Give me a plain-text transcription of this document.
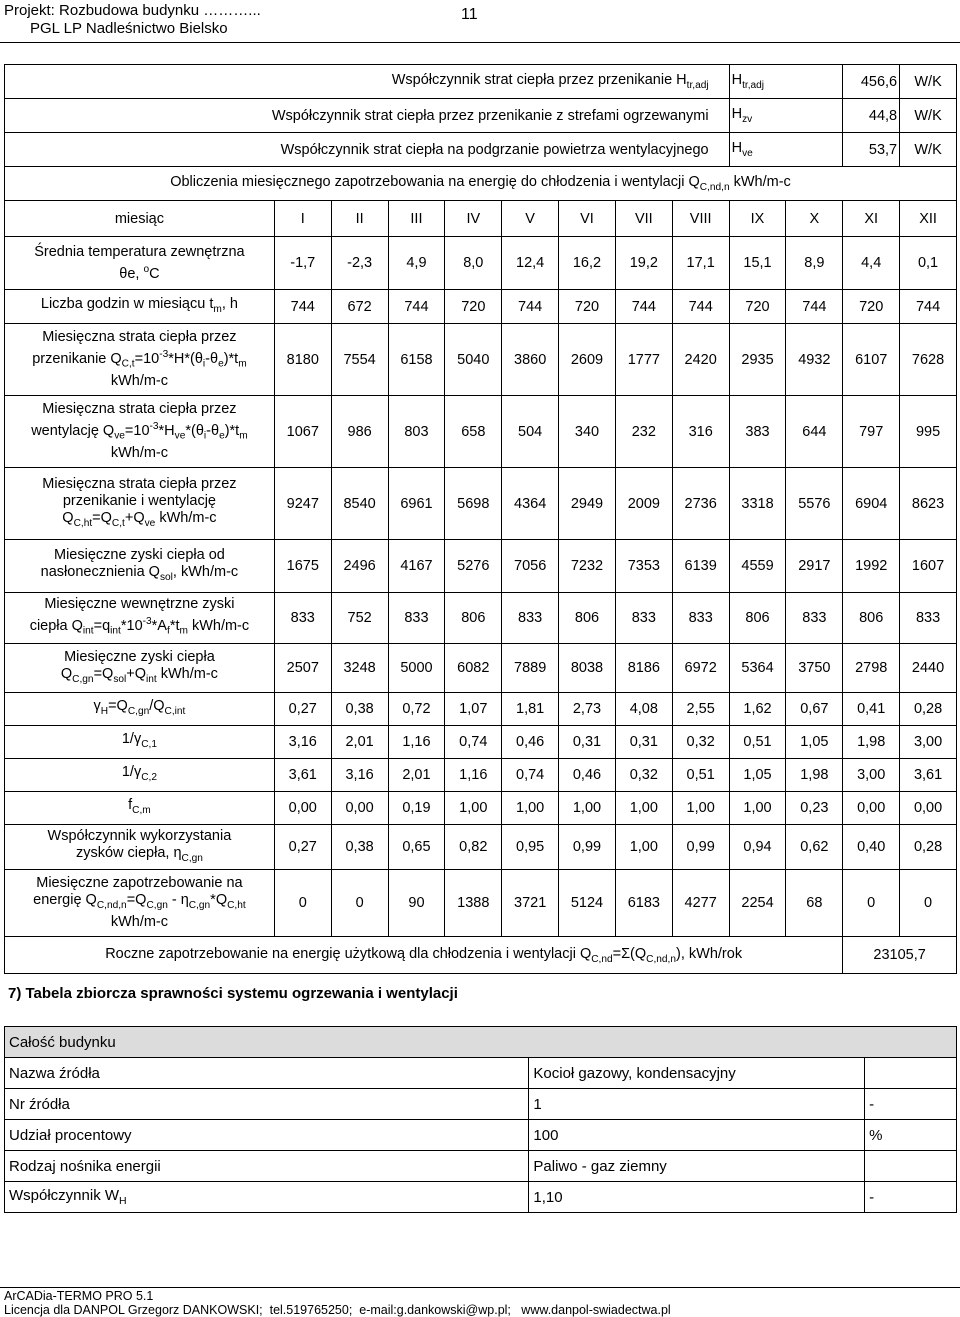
Projekt: Rozbudowa budynku ………...
PGL LP Nadleśnictwo Bielsko
11
Współczynnik strat ciepła przez przenikanie $H_{tr,adj}$									$H_{tr,adj}$		456,6	W/K
Współczynnik strat ciepła przez przenikanie z strefami ogrzewanymi									$H_{zv}$		44,8	W/K
Współczynnik strat ciepła na podgrzanie powietrza wentylacyjnego									$H_{ve}$		53,7	W/K
Obliczenia miesięcznego zapotrzebowania na energię do chłodzenia i wentylacji $Q_{C,nd,n}$ kWh/m-c												
miesiąc	I	II	III	IV	V	VI	VII	VIII	IX	X	XI	XII
Średnia temperatura zewnętrzna
θe, $^o$C	-1,7	-2,3	4,9	8,0	12,4	16,2	19,2	17,1	15,1	8,9	4,4	0,1
Liczba godzin w miesiącu $t_m$, h	744	672	744	720	744	720	744	744	720	744	720	744
Miesięczna strata ciepła przez
przenikanie $Q_{C,t}=10^{-3}*H*(\theta_i-\theta_e)*t_m$
kWh/m-c	8180	7554	6158	5040	3860	2609	1777	2420	2935	4932	6107	7628
Miesięczna strata ciepła przez
wentylację $Q_{ve}=10^{-3}*H_{ve}*(\theta_i-\theta_e)*t_m$
kWh/m-c	1067	986	803	658	504	340	232	316	383	644	797	995
Miesięczna strata ciepła przez
przenikanie i wentylację
$Q_{C,ht}=Q_{C,t}+Q_{ve}$ kWh/m-c	9247	8540	6961	5698	4364	2949	2009	2736	3318	5576	6904	8623
Miesięczne zyski ciepła od
nasłonecznienia $Q_{sol}$, kWh/m-c	1675	2496	4167	5276	7056	7232	7353	6139	4559	2917	1992	1607
Miesięczne wewnętrzne zyski
ciepła $Q_{int}=q_{int}*10^{-3}*A_f*t_m$ kWh/m-c	833	752	833	806	833	806	833	833	806	833	806	833
Miesięczne zyski ciepła
$Q_{C,gn}=Q_{sol}+Q_{int}$ kWh/m-c	2507	3248	5000	6082	7889	8038	8186	6972	5364	3750	2798	2440
$\gamma_H=Q_{C,gn}/Q_{C,int}$	0,27	0,38	0,72	1,07	1,81	2,73	4,08	2,55	1,62	0,67	0,41	0,28
$1/\gamma_{C,1}$	3,16	2,01	1,16	0,74	0,46	0,31	0,31	0,32	0,51	1,05	1,98	3,00
$1/\gamma_{C,2}$	3,61	3,16	2,01	1,16	0,74	0,46	0,32	0,51	1,05	1,98	3,00	3,61
$f_{C,m}$	0,00	0,00	0,19	1,00	1,00	1,00	1,00	1,00	1,00	0,23	0,00	0,00
Współczynnik wykorzystania
zysków ciepła, $\eta_{C,gn}$	0,27	0,38	0,65	0,82	0,95	0,99	1,00	0,99	0,94	0,62	0,40	0,28
Miesięczne zapotrzebowanie na
energię $Q_{C,nd,n}=Q_{C,gn} - \eta_{C,gn}*Q_{C,ht}$
kWh/m-c	0	0	90	1388	3721	5124	6183	4277	2254	68	0	0
Roczne zapotrzebowanie na energię użytkową dla chłodzenia i wentylacji $Q_{C,nd}=\Sigma(Q_{C,nd,n})$, kWh/rok											23105,7	
7) Tabela zbiorcza sprawności systemu ogrzewania i wentylacji
Całość budynku		
Nazwa źródła	Kocioł gazowy, kondensacyjny	
Nr źródła	1	-
Udział procentowy	100	%
Rodzaj nośnika energii	Paliwo - gaz ziemny	
Współczynnik $W_H$	1,10	-
ArCADia-TERMO PRO 5.1
Licencja dla DANPOL Grzegorz DANKOWSKI;  tel.519765250;  e-mail:g.dankowski@wp.pl;   www.danpol-swiadectwa.pl
